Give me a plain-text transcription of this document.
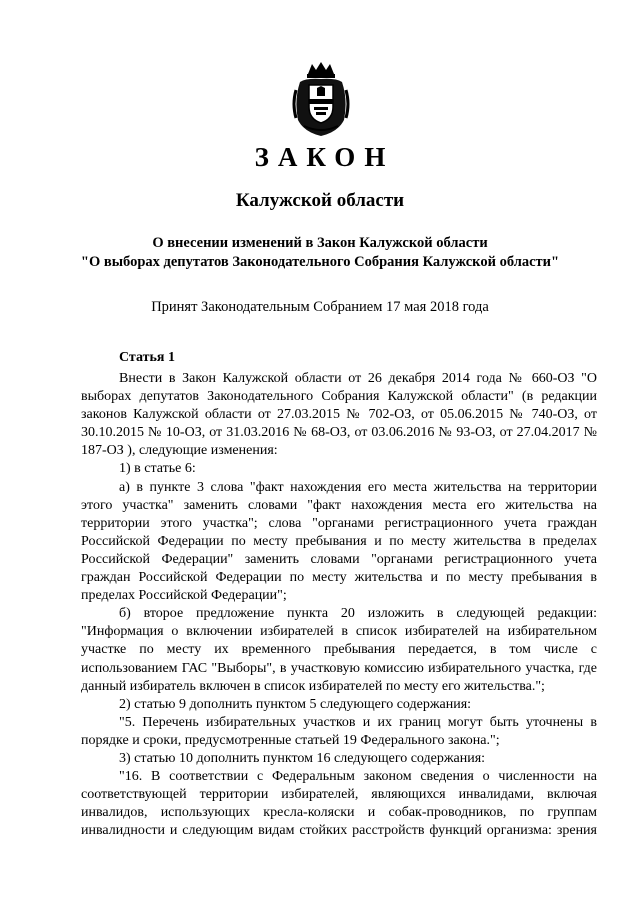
ЗАКОН
Калужской области
О внесении изменений в Закон Калужской области
"О выборах депутатов Законодательного Собрания Калужской области"
Принят Законодательным Собранием 17 мая 2018 года
Статья 1

Внести в Закон Калужской области от 26 декабря 2014 года № 660-ОЗ "О выборах депутатов Законодательного Собрания Калужской области" (в редакции законов Калужской области от 27.03.2015 № 702-ОЗ, от 05.06.2015 № 740-ОЗ, от 30.10.2015 № 10-ОЗ, от 31.03.2016 № 68-ОЗ, от 03.06.2016 № 93-ОЗ, от 27.04.2017 № 187-ОЗ ), следующие изменения:

1) в статье 6:

а) в пункте 3 слова "факт нахождения его места жительства на территории этого участка" заменить словами "факт нахождения места его жительства на территории этого участка"; слова "органами регистрационного учета граждан Российской Федерации по месту пребывания и по месту жительства в пределах Российской Федерации" заменить словами "органами регистрационного учета граждан Российской Федерации по месту жительства и по месту пребывания в пределах Российской Федерации";

б) второе предложение пункта 20 изложить в следующей редакции: "Информация о включении избирателей в список избирателей на избирательном участке по месту их временного пребывания передается, в том числе с использованием ГАС "Выборы", в участковую комиссию избирательного участка, где данный избиратель включен в список избирателей по месту его жительства.";

2) статью 9 дополнить пунктом 5 следующего содержания:

"5. Перечень избирательных участков и их границ могут быть уточнены в порядке и сроки, предусмотренные статьей 19 Федерального закона.";

3) статью 10 дополнить пунктом 16 следующего содержания:

"16. В соответствии с Федеральным законом сведения о численности на соответствующей территории избирателей, являющихся инвалидами, включая инвалидов, использующих кресла-коляски и собак-проводников, по группам инвалидности и следующим видам стойких расстройств функций организма: зрения
